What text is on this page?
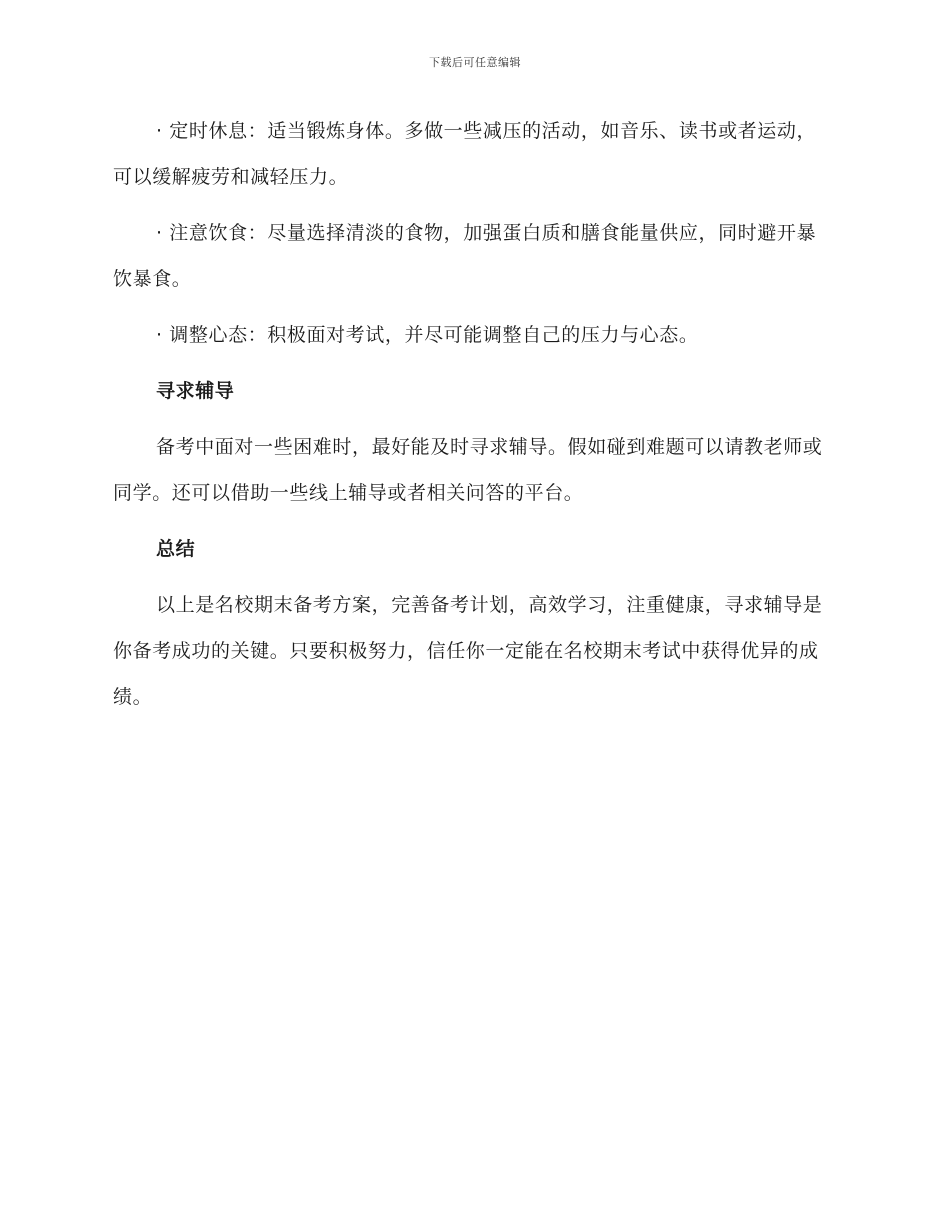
下载后可任意编辑

· 定时休息：适当锻炼身体。多做一些减压的活动，如音乐、读书或者运动，可以缓解疲劳和减轻压力。

· 注意饮食：尽量选择清淡的食物，加强蛋白质和膳食能量供应，同时避开暴饮暴食。

· 调整心态：积极面对考试，并尽可能调整自己的压力与心态。

寻求辅导

备考中面对一些困难时，最好能及时寻求辅导。假如碰到难题可以请教老师或同学。还可以借助一些线上辅导或者相关问答的平台。

总结

以上是名校期末备考方案，完善备考计划，高效学习，注重健康，寻求辅导是你备考成功的关键。只要积极努力，信任你一定能在名校期末考试中获得优异的成绩。
